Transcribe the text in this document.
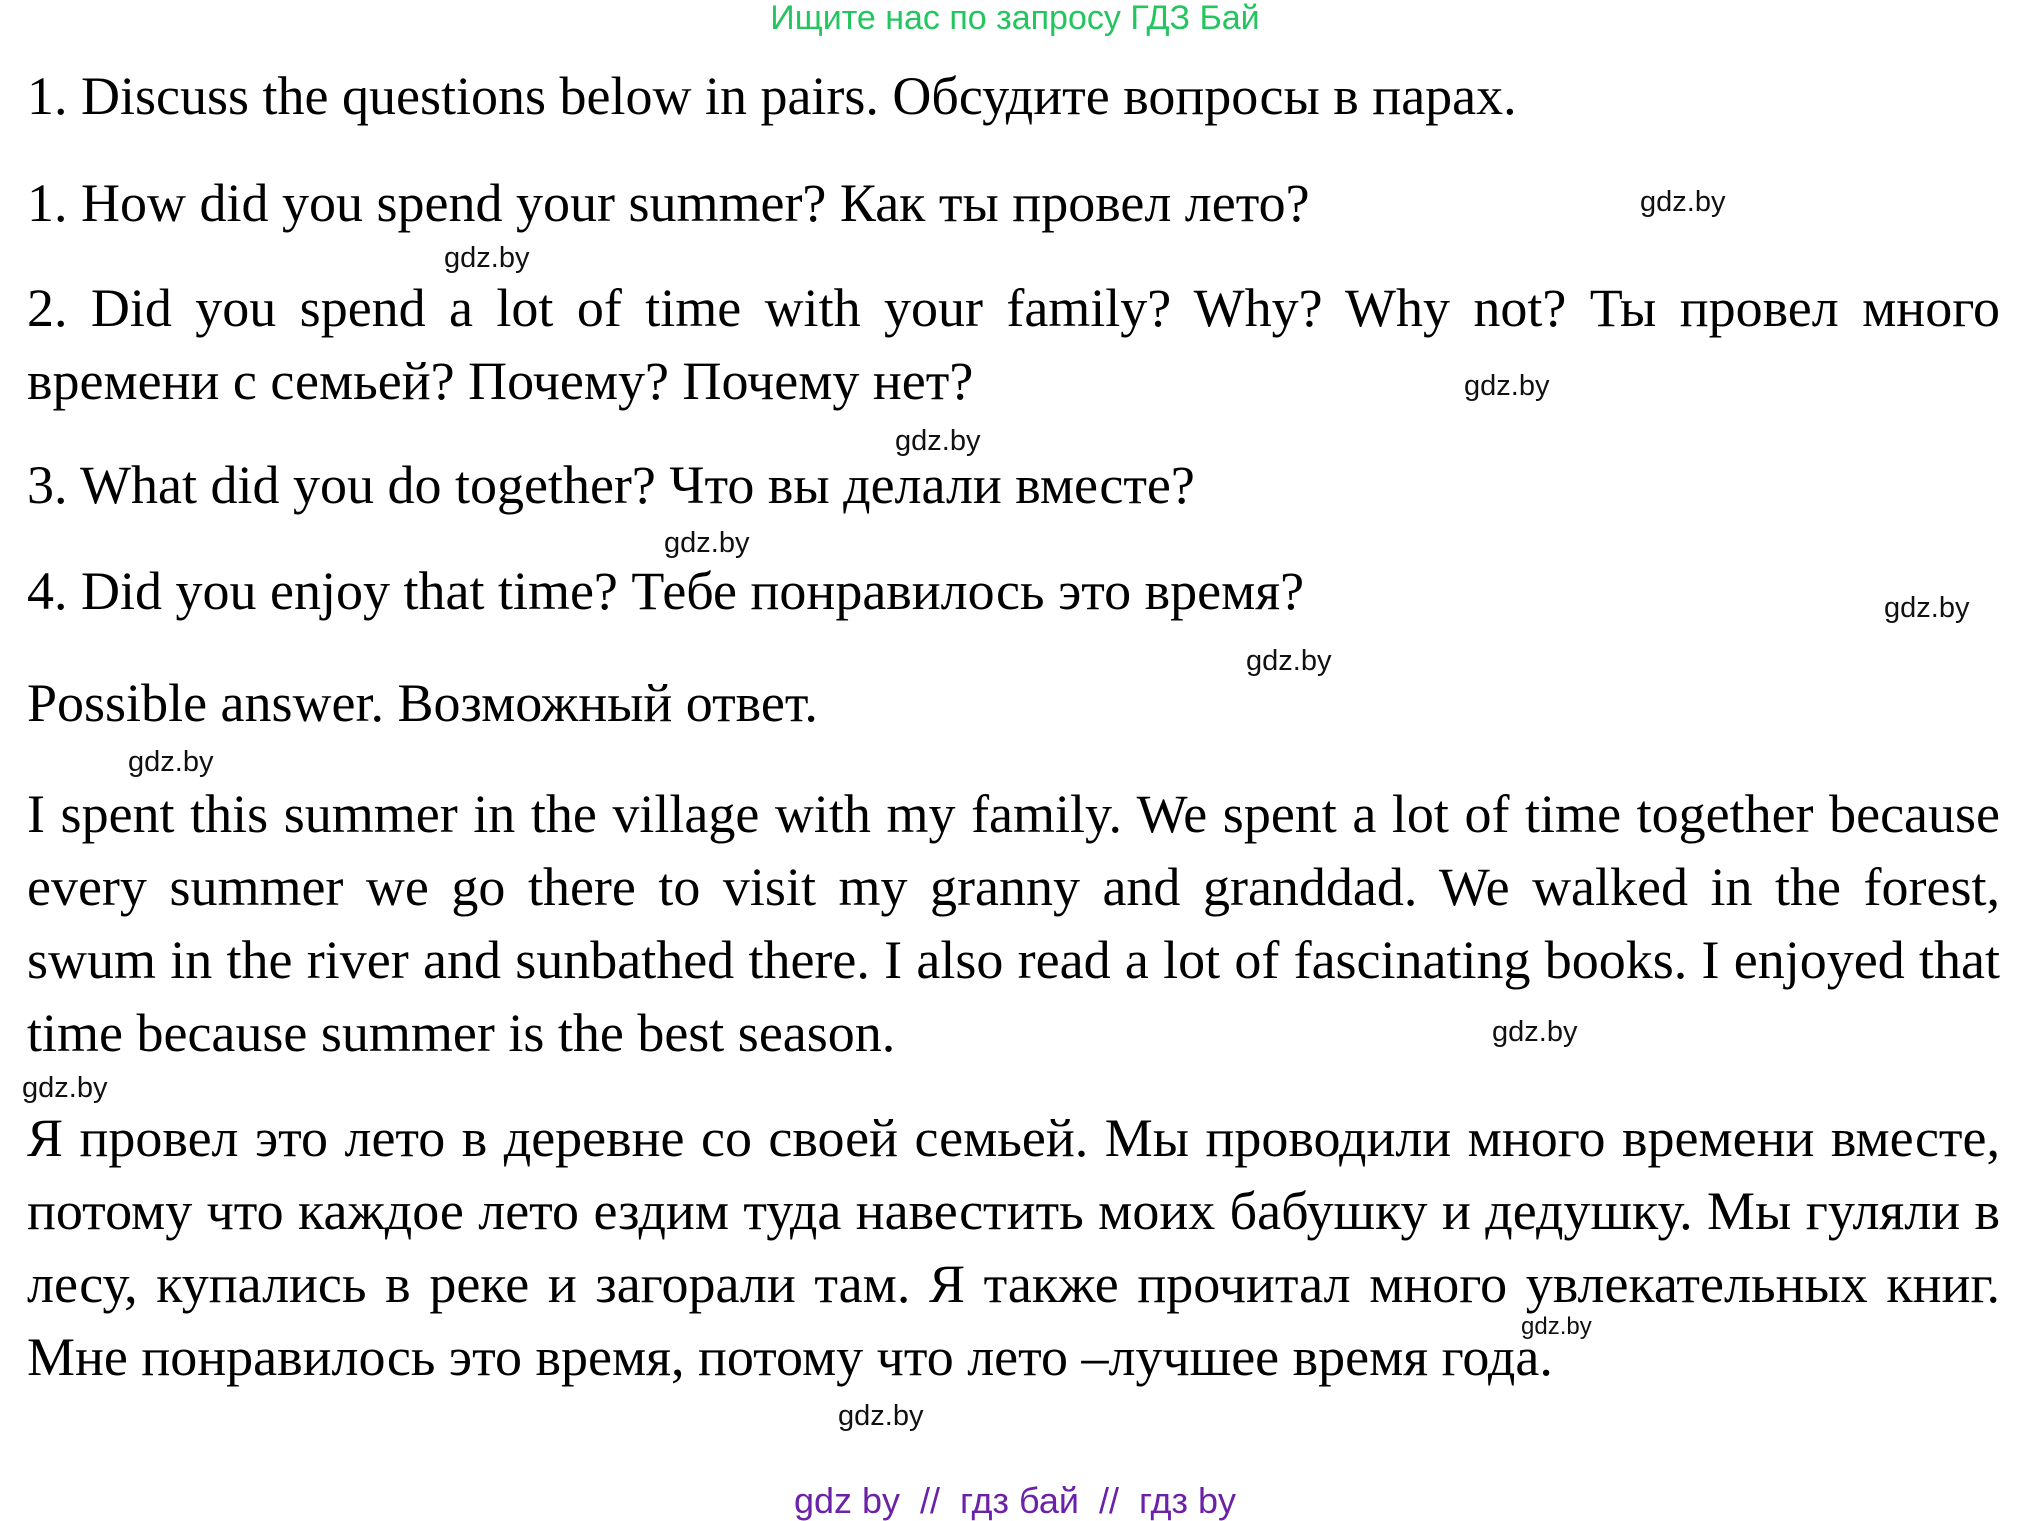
Ищите нас по запросу ГДЗ Бай
1. Discuss the questions below in pairs. Обсудите вопросы в парах.
1. How did you spend your summer? Как ты провел лето?

2. Did you spend a lot of time with your family? Why? Why not? Ты провел много времени с семьей? Почему? Почему нет?

3. What did you do together? Что вы делали вместе?
4. Did you enjoy that time? Тебе понравилось это время?
Possible answer. Возможный ответ.

I spent this summer in the village with my family. We spent a lot of time together because every summer we go there to visit my granny and granddad. We walked in the forest, swum in the river and sunbathed there. I also read a lot of fascinating books. I enjoyed that time because summer is the best season.

Я провел это лето в деревне со своей семьей. Мы проводили много времени вместе, потому что каждое лето ездим туда навестить моих бабушку и дедушку. Мы гуляли в лесу, купались в реке и загорали там. Я также прочитал много увлекательных книг. Мне понравилось это время, потому что лето –лучшее время года.

gdz.by
gdz.by
gdz.by
gdz.by
gdz.by
gdz.by
gdz.by
gdz.by
gdz.by
gdz.by
gdz.by
gdz.by
gdz by  //  гдз бай  //  гдз by
